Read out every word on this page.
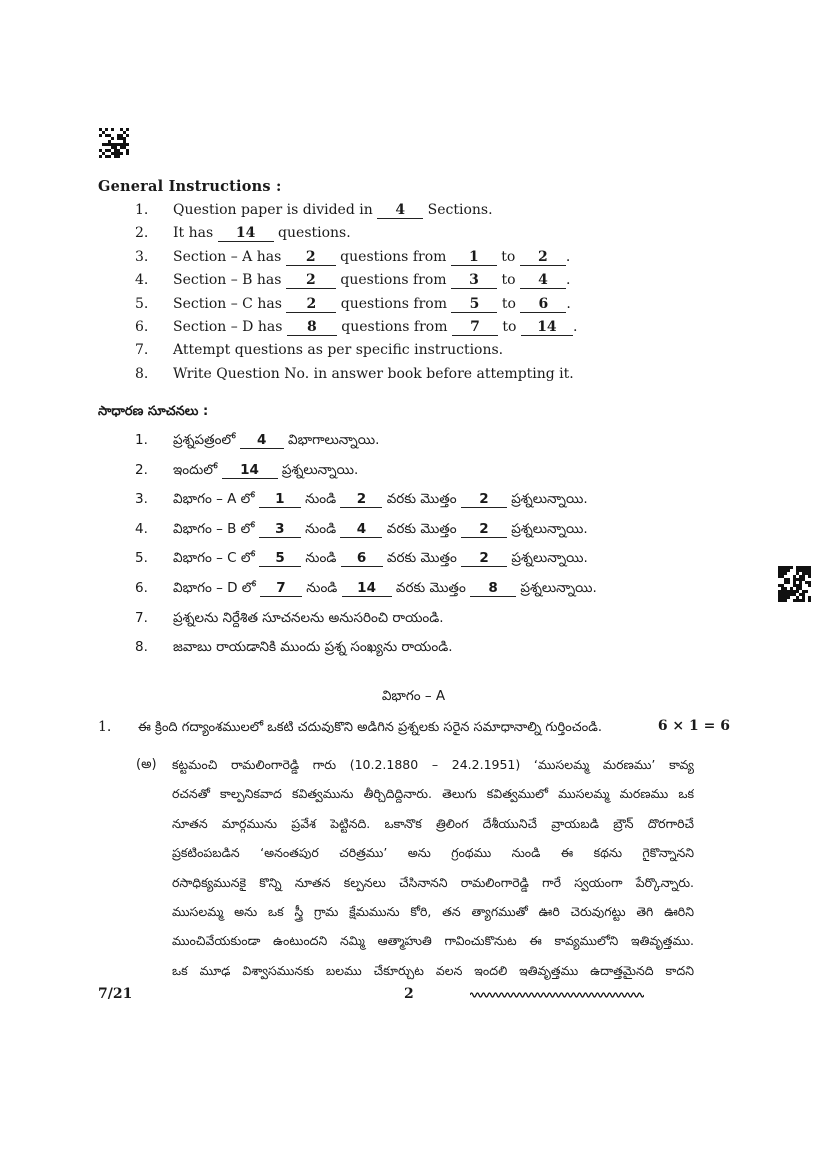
General Instructions :
1. Question paper is divided in 4 Sections.
2. It has 14 questions.
3. Section – A has 2 questions from 1 to 2 .
4. Section – B has 2 questions from 3 to 4 .
5. Section – C has 2 questions from 5 to 6 .
6. Section – D has 8 questions from 7 to 14 .
7. Attempt questions as per specific instructions.
8. Write Question No. in answer book before attempting it.
సాధారణ సూచనలు :
1. ప్రశ్నపత్రంలో 4 విభాగాలున్నాయి.
2. ఇందులో 14 ప్రశ్నలున్నాయి.
3. విభాగం – A లో 1 నుండి 2 వరకు మొత్తం 2 ప్రశ్నలున్నాయి.
4. విభాగం – B లో 3 నుండి 4 వరకు మొత్తం 2 ప్రశ్నలున్నాయి.
5. విభాగం – C లో 5 నుండి 6 వరకు మొత్తం 2 ప్రశ్నలున్నాయి.
6. విభాగం – D లో 7 నుండి 14 వరకు మొత్తం 8 ప్రశ్నలున్నాయి.
7. ప్రశ్నలను నిర్దేశిత సూచనలను అనుసరించి రాయండి.
8. జవాబు రాయడానికి ముందు ప్రశ్న సంఖ్యను రాయండి.
విభాగం – A
1. ఈ క్రింది గద్యాంశములలో ఒకటి చదువుకొని అడిగిన ప్రశ్నలకు సరైన సమాధానాల్ని గుర్తించండి.	6 × 1 = 6
(అ) కట్టమంచి రామలింగారెడ్డి గారు (10.2.1880 – 24.2.1951) ‘ముసలమ్మ మరణము’ కావ్య
రచనతో కాల్పనికవాద కవిత్వమును తీర్చిదిద్దినారు. తెలుగు కవిత్వములో ముసలమ్మ మరణము ఒక
నూతన మార్గమును ప్రవేశ పెట్టినది. ఒకానొక త్రిలింగ దేశీయునిచే వ్రాయబడి బ్రౌన్ దొరగారిచే
ప్రకటింపబడిన ‘అనంతపుర చరిత్రము’ అను గ్రంథము నుండి ఈ కథను గైకొన్నానని
రసాధిక్యమునకై కొన్ని నూతన కల్పనలు చేసినానని రామలింగారెడ్డి గారే స్వయంగా పేర్కొన్నారు.
ముసలమ్మ అను ఒక స్త్రీ గ్రామ క్షేమమును కోరి, తన త్యాగముతో ఊరి చెరువుగట్టు తెగి ఊరిని
ముంచివేయకుండా ఉంటుందని నమ్మి ఆత్మాహుతి గావించుకొనుట ఈ కావ్యములోని ఇతివృత్తము.
ఒక మూఢ విశ్వాసమునకు బలము చేకూర్చుట వలన ఇందలి ఇతివృత్తము ఉదాత్తమైనది కాదని
7/21	2
